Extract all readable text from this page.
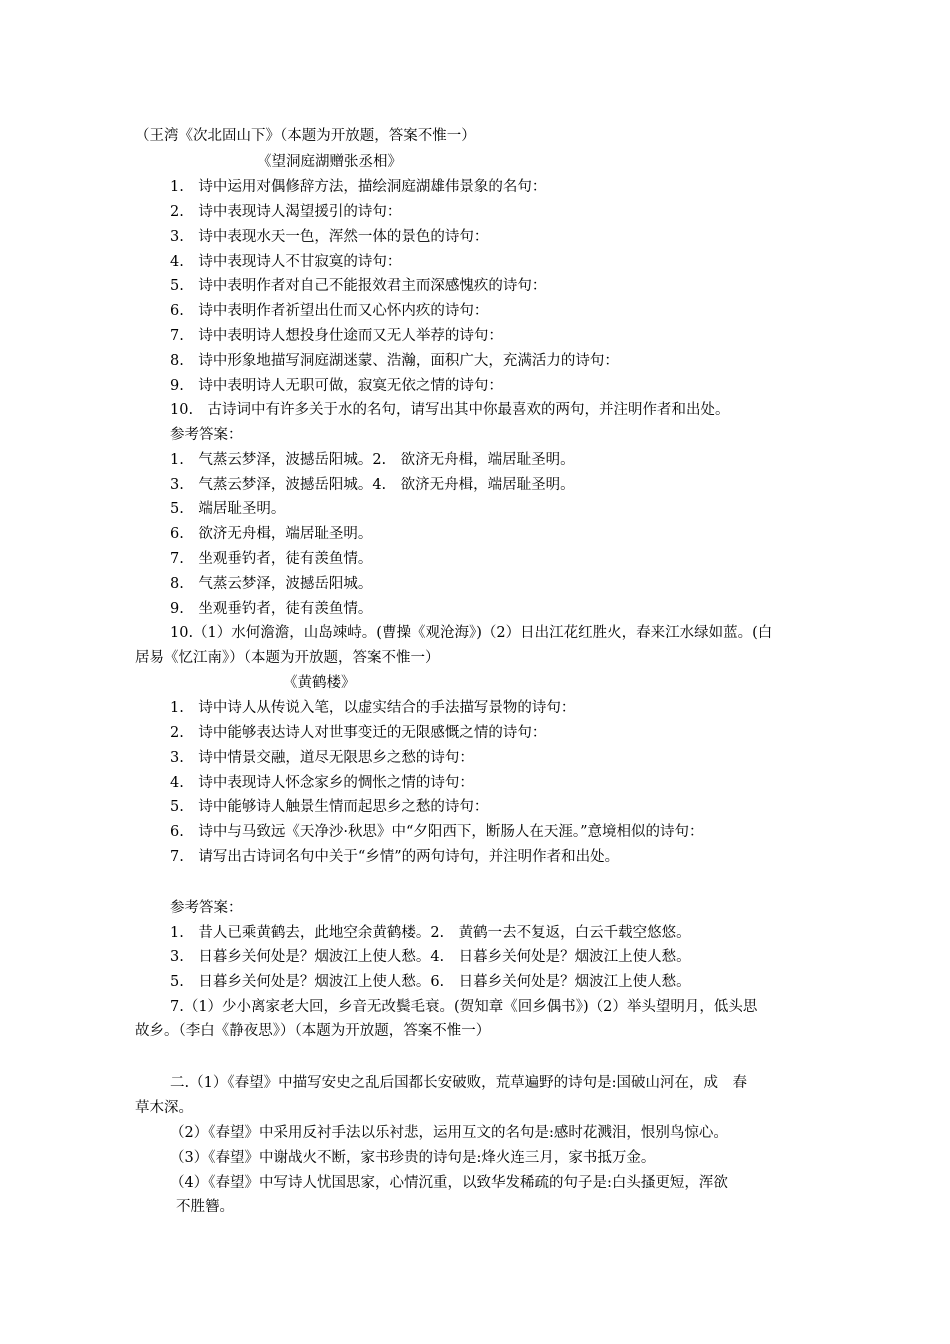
（王湾《次北固山下》（本题为开放题，答案不惟一）
《望洞庭湖赠张丞相》
1.　诗中运用对偶修辞方法，描绘洞庭湖雄伟景象的名句：
2.　诗中表现诗人渴望援引的诗句：
3.　诗中表现水天一色，浑然一体的景色的诗句：
4.　诗中表现诗人不甘寂寞的诗句：
5.　诗中表明作者对自己不能报效君主而深感愧疚的诗句：
6.　诗中表明作者祈望出仕而又心怀内疚的诗句：
7.　诗中表明诗人想投身仕途而又无人举荐的诗句：
8.　诗中形象地描写洞庭湖迷蒙、浩瀚，面积广大，充满活力的诗句：
9.　诗中表明诗人无职可做，寂寞无依之情的诗句：
10.　古诗词中有许多关于水的名句，请写出其中你最喜欢的两句，并注明作者和出处。
参考答案：
1.　气蒸云梦泽，波撼岳阳城。2.　欲济无舟楫，端居耻圣明。
3.　气蒸云梦泽，波撼岳阳城。4.　欲济无舟楫，端居耻圣明。
5.　端居耻圣明。
6.　欲济无舟楫，端居耻圣明。
7.　坐观垂钓者，徒有羡鱼情。
8.　气蒸云梦泽，波撼岳阳城。
9.　坐观垂钓者，徒有羡鱼情。
10.（1）水何澹澹，山岛竦峙。(曹操《观沧海》)（2）日出江花红胜火，春来江水绿如蓝。(白
居易《忆江南》）（本题为开放题，答案不惟一）
《黄鹤楼》
1.　诗中诗人从传说入笔，以虚实结合的手法描写景物的诗句：
2.　诗中能够表达诗人对世事变迁的无限感慨之情的诗句：
3.　诗中情景交融，道尽无限思乡之愁的诗句：
4.　诗中表现诗人怀念家乡的惆怅之情的诗句：
5.　诗中能够诗人触景生情而起思乡之愁的诗句：
6.　诗中与马致远《天净沙·秋思》中“夕阳西下，断肠人在天涯。”意境相似的诗句：
7.　请写出古诗词名句中关于“乡情”的两句诗句，并注明作者和出处。
参考答案：
1.　昔人已乘黄鹤去，此地空余黄鹤楼。2.　黄鹤一去不复返，白云千载空悠悠。
3.　日暮乡关何处是？烟波江上使人愁。4.　日暮乡关何处是？烟波江上使人愁。
5.　日暮乡关何处是？烟波江上使人愁。6.　日暮乡关何处是？烟波江上使人愁。
7.（1）少小离家老大回，乡音无改鬓毛衰。(贺知章《回乡偶书》)（2）举头望明月，低头思
故乡。（李白《静夜思》）（本题为开放题，答案不惟一）
二.（1）《春望》中描写安史之乱后国都长安破败，荒草遍野的诗句是:国破山河在，成　春
草木深。
（2）《春望》中采用反衬手法以乐衬悲，运用互文的名句是:感时花溅泪，恨别鸟惊心。
（3）《春望》中谢战火不断，家书珍贵的诗句是:烽火连三月，家书抵万金。
（4）《春望》中写诗人忧国思家，心情沉重，以致华发稀疏的句子是:白头搔更短，浑欲
不胜簪。
